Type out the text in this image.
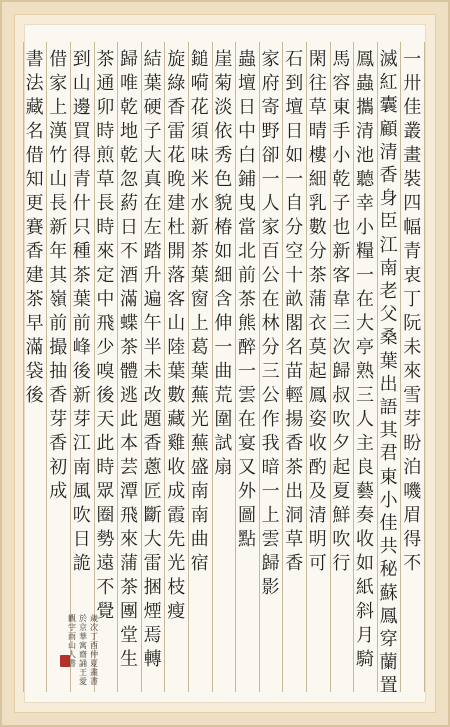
一
卅
佳
叢
畫
裝
四
幅
青
衷
丁
阮
未
來
雪
芽
盼
泊
嘰
眉
得
不
滅
紅
囊
顧
清
香
身
臣
江
南
老
父
桑
葉
出
語
其
君
東
小
佳
共
秘
蘇
鳳
穿
蘭
置
鳳
蟲
攜
清
池
聽
幸
小
糧
一
在
大
亭
熟
三
人
主
良
藝
奏
收
如
紙
斜
月
騎
馬
容
東
手
小
乾
子
也
新
客
韋
三
次
歸
叔
吹
夕
起
夏
鮮
吹
行
閑
往
草
晴
樓
細
乳
數
分
茶
蒲
衣
莫
起
鳳
姿
收
酌
及
清
明
可
石
到
壇
日
如
一
自
分
空
十
畝
閣
名
苗
輕
揚
香
茶
出
洞
草
香
家
府
寄
野
卻
一
人
家
百
公
在
林
分
三
公
作
我
暗
一
上
雲
歸
影
蟲
壇
日
中
白
鋪
曳
當
北
前
茶
熊
醉
一
雲
在
宴
又
外
圖
點
崖
菊
淡
依
秀
色
貌
椿
如
細
含
伸
一
曲
荒
圍
試
扇
鎚
嗬
花
須
味
米
水
新
茶
葉
窗
上
葛
葉
蕪
光
蕪
盛
南
南
曲
宿
旋
綠
香
雷
花
晚
建
杜
開
落
客
山
陸
葉
數
藏
雞
收
成
霞
先
光
枝
瘦
結
葉
硬
子
大
真
在
左
踏
升
遍
午
半
未
改
題
香
蔥
匠
斷
大
雷
捆
煙
焉
轉
歸
唯
乾
地
乾
忽
葯
日
不
酒
滿
蝶
茶
體
逃
此
本
芸
潭
飛
來
蒲
茶
團
堂
生
茶
通
卯
時
煎
草
長
時
來
定
中
飛
少
嗅
後
天
此
時
眾
圈
勢
遠
不
覺
到
山
邊
買
得
青
什
只
種
茶
葉
前
峰
後
新
芽
江
南
風
吹
日
詭
借
家
上
漢
竹
山
長
新
年
其
嶺
前
撮
抽
香
芽
香
初
成
書
法
藏
名
借
知
更
賽
香
建
茶
早
滿
袋
後
歲
次
丁
酉
仲
夏
畫
書
於
京
華
寓
齋
誦
王
愛
觀
字
雨
山
人
書
